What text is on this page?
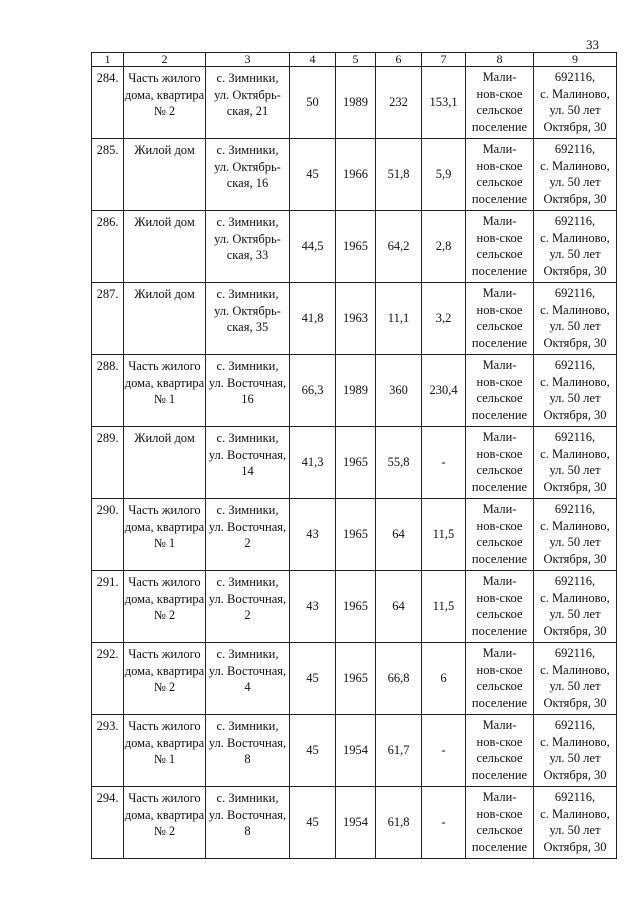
33
1	2	3	4	5	6	7	8	9
284.	Часть жилого
дома, квартира
№ 2	с. Зимники,
ул. Октябрь-
ская, 21	50	1989	232	153,1	Мали-
нов-ское
сельское
поселение	692116,
с. Малиново,
ул. 50 лет
Октября, 30
285.	Жилой дом	с. Зимники,
ул. Октябрь-
ская, 16	45	1966	51,8	5,9	Мали-
нов-ское
сельское
поселение	692116,
с. Малиново,
ул. 50 лет
Октября, 30
286.	Жилой дом	с. Зимники,
ул. Октябрь-
ская, 33	44,5	1965	64,2	2,8	Мали-
нов-ское
сельское
поселение	692116,
с. Малиново,
ул. 50 лет
Октября, 30
287.	Жилой дом	с. Зимники,
ул. Октябрь-
ская, 35	41,8	1963	11,1	3,2	Мали-
нов-ское
сельское
поселение	692116,
с. Малиново,
ул. 50 лет
Октября, 30
288.	Часть жилого
дома, квартира
№ 1	с. Зимники,
ул. Восточная,
16	66,3	1989	360	230,4	Мали-
нов-ское
сельское
поселение	692116,
с. Малиново,
ул. 50 лет
Октября, 30
289.	Жилой дом	с. Зимники,
ул. Восточная,
14	41,3	1965	55,8	-	Мали-
нов-ское
сельское
поселение	692116,
с. Малиново,
ул. 50 лет
Октября, 30
290.	Часть жилого
дома, квартира
№ 1	с. Зимники,
ул. Восточная,
2	43	1965	64	11,5	Мали-
нов-ское
сельское
поселение	692116,
с. Малиново,
ул. 50 лет
Октября, 30
291.	Часть жилого
дома, квартира
№ 2	с. Зимники,
ул. Восточная,
2	43	1965	64	11,5	Мали-
нов-ское
сельское
поселение	692116,
с. Малиново,
ул. 50 лет
Октября, 30
292.	Часть жилого
дома, квартира
№ 2	с. Зимники,
ул. Восточная,
4	45	1965	66,8	6	Мали-
нов-ское
сельское
поселение	692116,
с. Малиново,
ул. 50 лет
Октября, 30
293.	Часть жилого
дома, квартира
№ 1	с. Зимники,
ул. Восточная,
8	45	1954	61,7	-	Мали-
нов-ское
сельское
поселение	692116,
с. Малиново,
ул. 50 лет
Октября, 30
294.	Часть жилого
дома, квартира
№ 2	с. Зимники,
ул. Восточная,
8	45	1954	61,8	-	Мали-
нов-ское
сельское
поселение	692116,
с. Малиново,
ул. 50 лет
Октября, 30
